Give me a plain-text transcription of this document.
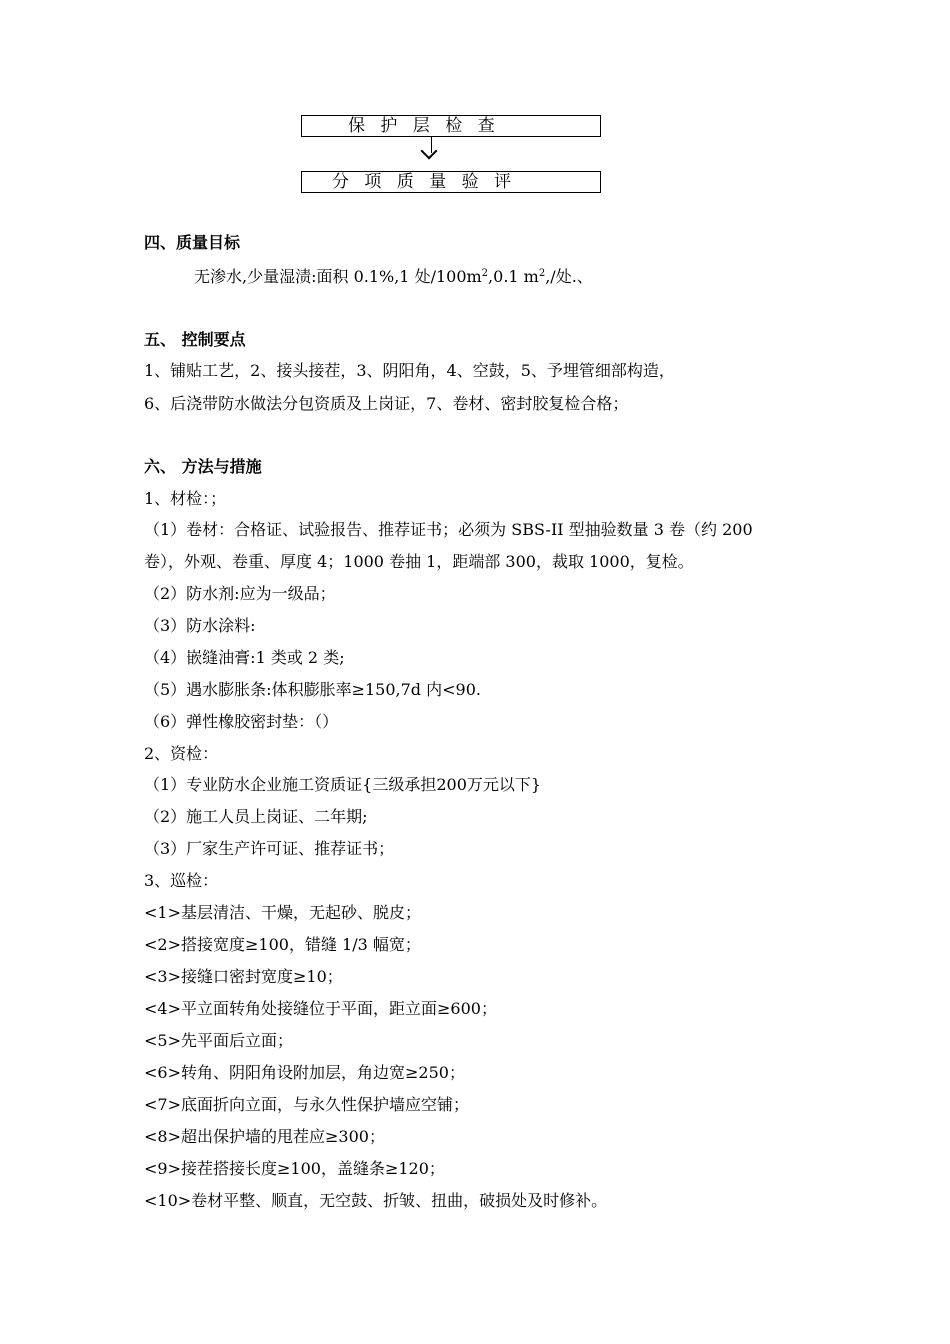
保 护 层 检 查
分 项 质 量 验 评
四、质量目标
无渗水,少量湿渍:面积 0.1%,1 处$/100m^2,0.1$ $m^2,/$处.、
五、 控制要点
1、铺贴工艺，2、接头接茬，3、阴阳角，4、空鼓，5、予埋管细部构造，
6、后浇带防水做法分包资质及上岗证，7、卷材、密封胶复检合格；
六、 方法与措施
1、材检：；
（1）卷材：合格证、试验报告、推荐证书；必须为 SBS-II 型抽验数量 3 卷（约 200
卷），外观、卷重、厚度 4；1000 卷抽 1，距端部 300，裁取 1000，复检。
（2）防水剂:应为一级品；
（3）防水涂料:
（4）嵌缝油膏:1 类或 2 类;
（5）遇水膨胀条:体积膨胀率≥150,7d 内<90.
（6）弹性橡胶密封垫：（）
2、资检：
（1）专业防水企业施工资质证{三级承担200万元以下}
（2）施工人员上岗证、二年期;
（3）厂家生产许可证、推荐证书；
3、巡检：
<1>基层清洁、干燥，无起砂、脱皮；
<2>搭接宽度≥100，错缝 1/3 幅宽；
<3>接缝口密封宽度≥10；
<4>平立面转角处接缝位于平面，距立面≥600；
<5>先平面后立面；
<6>转角、阴阳角设附加层，角边宽≥250；
<7>底面折向立面，与永久性保护墙应空铺；
<8>超出保护墙的甩茬应≥300；
<9>接茬搭接长度≥100，盖缝条≥120；
<10>卷材平整、顺直，无空鼓、折皱、扭曲，破损处及时修补。
